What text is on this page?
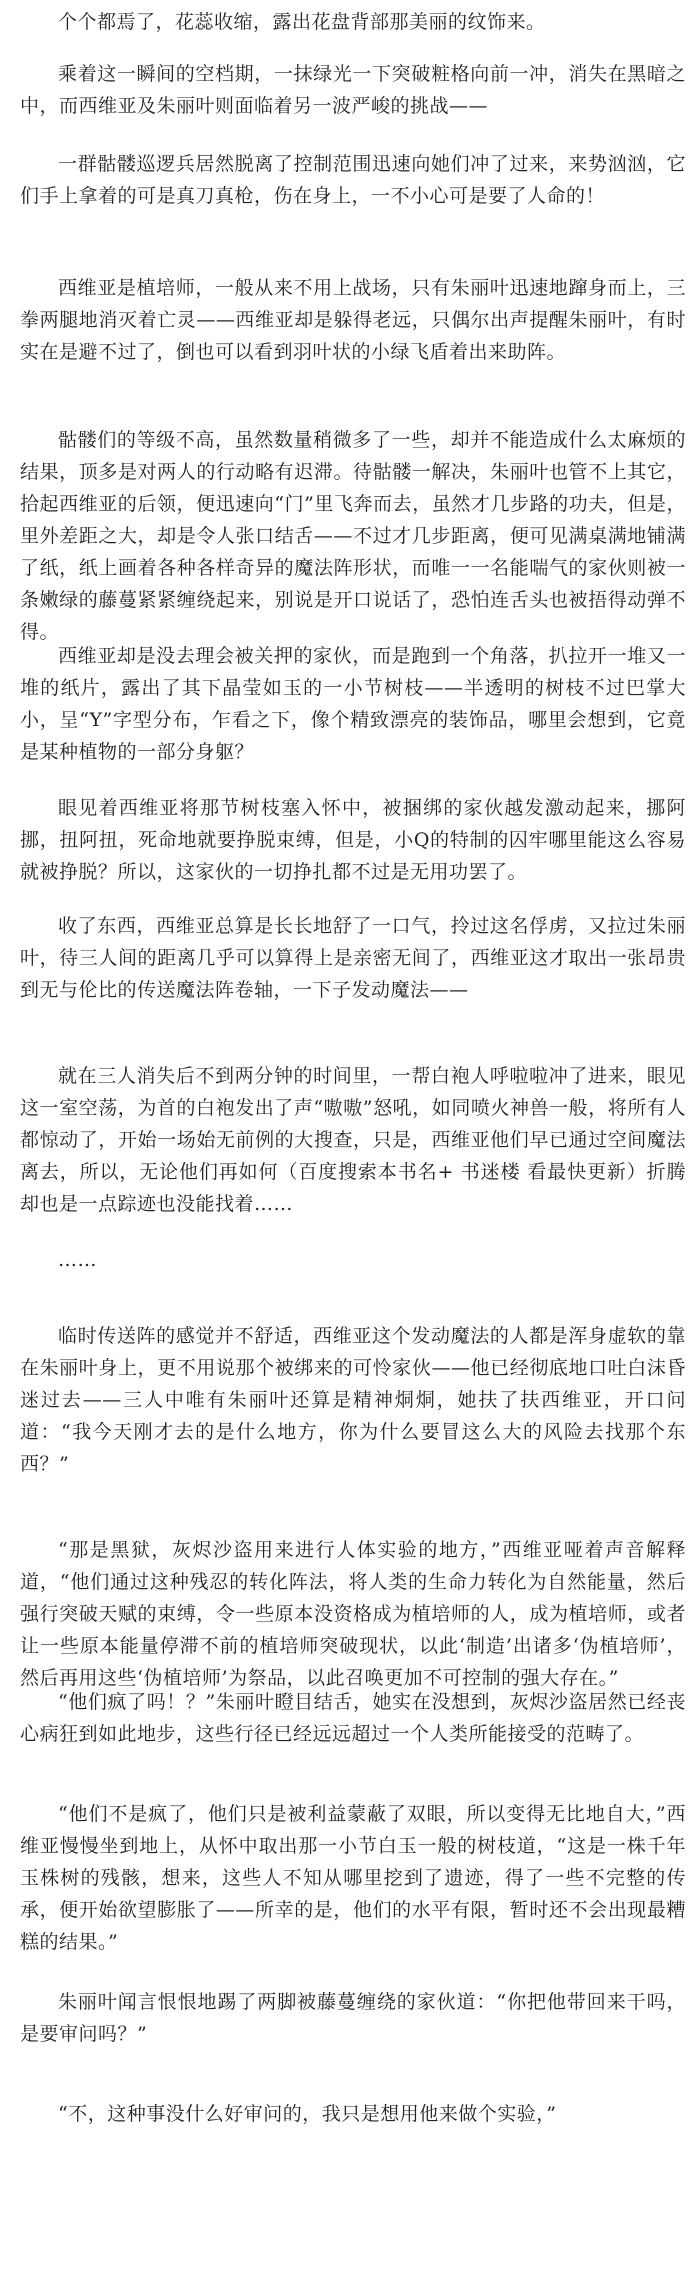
个个都焉了，花蕊收缩，露出花盘背部那美丽的纹饰来。

乘着这一瞬间的空档期，一抹绿光一下突破粧格向前一冲，消失在黑暗之中，而西维亚及朱丽叶则面临着另一波严峻的挑战——

一群骷髅巡逻兵居然脱离了控制范围迅速向她们冲了过来，来势汹汹，它们手上拿着的可是真刀真枪，伤在身上，一不小心可是要了人命的！

西维亚是植培师，一般从来不用上战场，只有朱丽叶迅速地蹿身而上，三拳两腿地消灭着亡灵——西维亚却是躲得老远，只偶尔出声提醒朱丽叶，有时实在是避不过了，倒也可以看到羽叶状的小绿飞盾着出来助阵。

骷髅们的等级不高，虽然数量稍微多了一些，却并不能造成什么太麻烦的结果，顶多是对两人的行动略有迟滞。待骷髅一解决，朱丽叶也管不上其它，拾起西维亚的后领，便迅速向“门”里飞奔而去，虽然才几步路的功夫，但是，里外差距之大，却是令人张口结舌——不过才几步距离，便可见满桌满地铺满了纸，纸上画着各种各样奇异的魔法阵形状，而唯一一名能喘气的家伙则被一条嫩绿的藤蔓紧紧缠绕起来，别说是开口说话了，恐怕连舌头也被捂得动弹不得。

西维亚却是没去理会被关押的家伙，而是跑到一个角落，扒拉开一堆又一堆的纸片，露出了其下晶莹如玉的一小节树枝——半透明的树枝不过巴掌大小，呈“Y”字型分布，乍看之下，像个精致漂亮的装饰品，哪里会想到，它竟是某种植物的一部分身躯？

眼见着西维亚将那节树枝塞入怀中，被捆绑的家伙越发激动起来，挪阿挪，扭阿扭，死命地就要挣脱束缚，但是，小Q的特制的囚牢哪里能这么容易就被挣脱？所以，这家伙的一切挣扎都不过是无用功罢了。

收了东西，西维亚总算是长长地舒了一口气，拎过这名俘虏，又拉过朱丽叶，待三人间的距离几乎可以算得上是亲密无间了，西维亚这才取出一张昂贵到无与伦比的传送魔法阵卷轴，一下子发动魔法——

就在三人消失后不到两分钟的时间里，一帮白袍人呼啦啦冲了进来，眼见这一室空荡，为首的白袍发出了声“嗷嗷”怒吼，如同喷火神兽一般，将所有人都惊动了，开始一场始无前例的大搜查，只是，西维亚他们早已通过空间魔法离去，所以，无论他们再如何（百度搜索本书名+ 书迷楼 看最快更新）折腾却也是一点踪迹也没能找着……

……

临时传送阵的感觉并不舒适，西维亚这个发动魔法的人都是浑身虚软的靠在朱丽叶身上，更不用说那个被绑来的可怜家伙——他已经彻底地口吐白沫昏迷过去——三人中唯有朱丽叶还算是精神烔烔，她扶了扶西维亚，开口问道：“我今天刚才去的是什么地方，你为什么要冒这么大的风险去找那个东西？”

“那是黑狱，灰烬沙盗用来进行人体实验的地方，”西维亚哑着声音解释道，“他们通过这种残忍的转化阵法，将人类的生命力转化为自然能量，然后强行突破天赋的束缚，令一些原本没资格成为植培师的人，成为植培师，或者让一些原本能量停滞不前的植培师突破现状，以此‘制造’出诸多‘伪植培师’，然后再用这些‘伪植培师’为祭品，以此召唤更加不可控制的强大存在。”

“他们疯了吗！？”朱丽叶瞪目结舌，她实在没想到，灰烬沙盗居然已经丧心病狂到如此地步，这些行径已经远远超过一个人类所能接受的范畴了。

“他们不是疯了，他们只是被利益蒙蔽了双眼，所以变得无比地自大，”西维亚慢慢坐到地上，从怀中取出那一小节白玉一般的树枝道，“这是一株千年玉株树的残骸，想来，这些人不知从哪里挖到了遗迹，得了一些不完整的传承，便开始欲望膨胀了——所幸的是，他们的水平有限，暂时还不会出现最糟糕的结果。”

朱丽叶闻言恨恨地踢了两脚被藤蔓缠绕的家伙道：“你把他带回来干吗，是要审问吗？”

“不，这种事没什么好审问的，我只是想用他来做个实验，”
